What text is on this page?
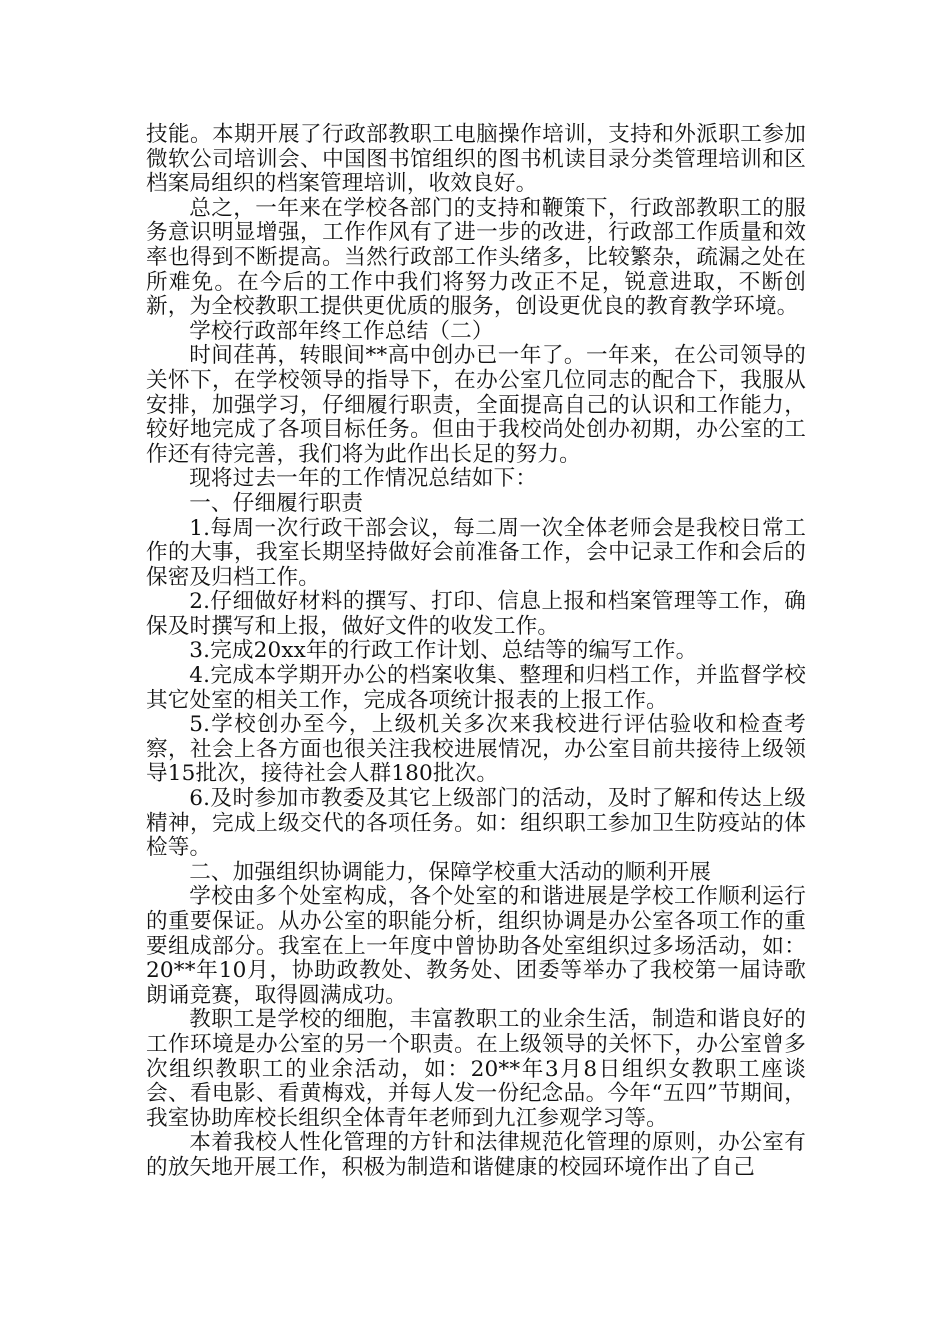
技能。本期开展了行政部教职工电脑操作培训，支持和外派职工参加微软公司培训会、中国图书馆组织的图书机读目录分类管理培训和区档案局组织的档案管理培训，收效良好。

总之，一年来在学校各部门的支持和鞭策下，行政部教职工的服务意识明显增强，工作作风有了进一步的改进，行政部工作质量和效率也得到不断提高。当然行政部工作头绪多，比较繁杂，疏漏之处在所难免。在今后的工作中我们将努力改正不足，锐意进取，不断创新，为全校教职工提供更优质的服务，创设更优良的教育教学环境。

学校行政部年终工作总结（二）

时间荏苒，转眼间**高中创办已一年了。一年来，在公司领导的关怀下，在学校领导的指导下，在办公室几位同志的配合下，我服从安排，加强学习，仔细履行职责，全面提高自己的认识和工作能力，较好地完成了各项目标任务。但由于我校尚处创办初期，办公室的工作还有待完善，我们将为此作出长足的努力。

现将过去一年的工作情况总结如下：

一、仔细履行职责

1.每周一次行政干部会议，每二周一次全体老师会是我校日常工作的大事，我室长期坚持做好会前准备工作，会中记录工作和会后的保密及归档工作。

2.仔细做好材料的撰写、打印、信息上报和档案管理等工作，确保及时撰写和上报，做好文件的收发工作。

3.完成20xx年的行政工作计划、总结等的编写工作。

4.完成本学期开办公的档案收集、整理和归档工作，并监督学校其它处室的相关工作，完成各项统计报表的上报工作。

5.学校创办至今，上级机关多次来我校进行评估验收和检查考察，社会上各方面也很关注我校进展情况，办公室目前共接待上级领导15批次，接待社会人群180批次。

6.及时参加市教委及其它上级部门的活动，及时了解和传达上级精神，完成上级交代的各项任务。如：组织职工参加卫生防疫站的体检等。

二、加强组织协调能力，保障学校重大活动的顺利开展

学校由多个处室构成，各个处室的和谐进展是学校工作顺利运行的重要保证。从办公室的职能分析，组织协调是办公室各项工作的重要组成部分。我室在上一年度中曾协助各处室组织过多场活动，如：20**年10月，协助政教处、教务处、团委等举办了我校第一届诗歌朗诵竞赛，取得圆满成功。

教职工是学校的细胞，丰富教职工的业余生活，制造和谐良好的工作环境是办公室的另一个职责。在上级领导的关怀下，办公室曾多次组织教职工的业余活动，如：20**年3月8日组织女教职工座谈会、看电影、看黄梅戏，并每人发一份纪念品。今年“五四”节期间，我室协助库校长组织全体青年老师到九江参观学习等。

本着我校人性化管理的方针和法律规范化管理的原则，办公室有的放矢地开展工作，积极为制造和谐健康的校园环境作出了自己
